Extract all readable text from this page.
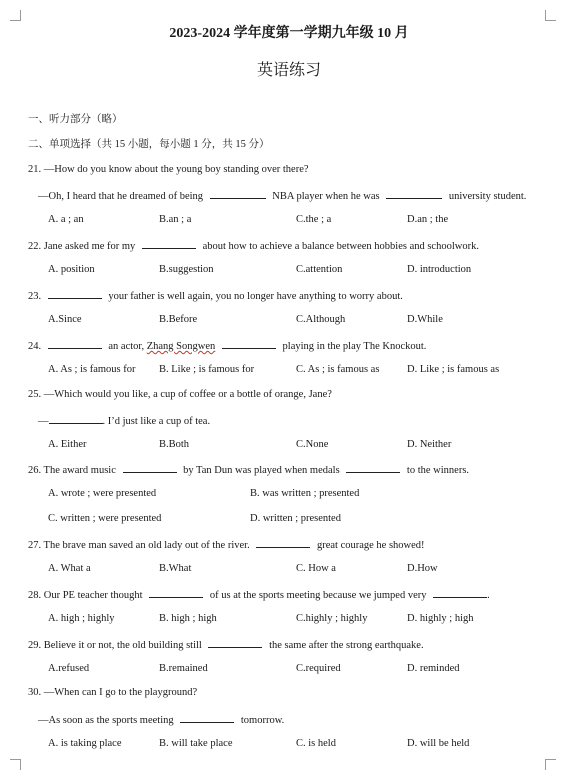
2023-2024 学年度第一学期九年级 10 月
英语练习
一、听力部分（略）
二、单项选择（共 15 小题，每小题 1 分，共 15 分）
21. —How do you know about the young boy standing over there?
—Oh, I heard that he dreamed of being	NBA player when he was	university student.
A. a ; an	B.an ; a	C.the ; a	D.an ; the
22. Jane asked me for my	about how to achieve a balance between hobbies and schoolwork.
A. position	B.suggestion	C.attention	D. introduction
23.	your father is well again, you no longer have anything to worry about.
A.Since	B.Before	C.Although	D.While
24.	an actor, Zhang Songwen	playing in the play The Knockout.
A. As ; is famous for B. Like ; is famous for	C. As ; is famous as	D. Like ; is famous as
25. —Which would you like, a cup of coffee or a bottle of orange, Jane?
—	. I’d just like a cup of tea.
A. Either	B.Both	C.None	D. Neither
26. The award music	by Tan Dun was played when medals	to the winners.
A. wrote ; were presented	B. was written ; presented
C. written ; were presented	D. written ; presented
27. The brave man saved an old lady out of the river.	great courage he showed!
A. What a	B.What	C. How a	D.How
28. Our PE teacher thought	of us at the sports meeting because we jumped very	.
A. high ; highly	B. high ; high	C.highly ; highly	D. highly ; high
29. Believe it or not, the old building still	the same after the strong earthquake.
A.refused	B.remained	C.required	D. reminded
30. —When can I go to the playground?
—As soon as the sports meeting	tomorrow.
A. is taking place	B. will take place	C. is held	D. will be held
